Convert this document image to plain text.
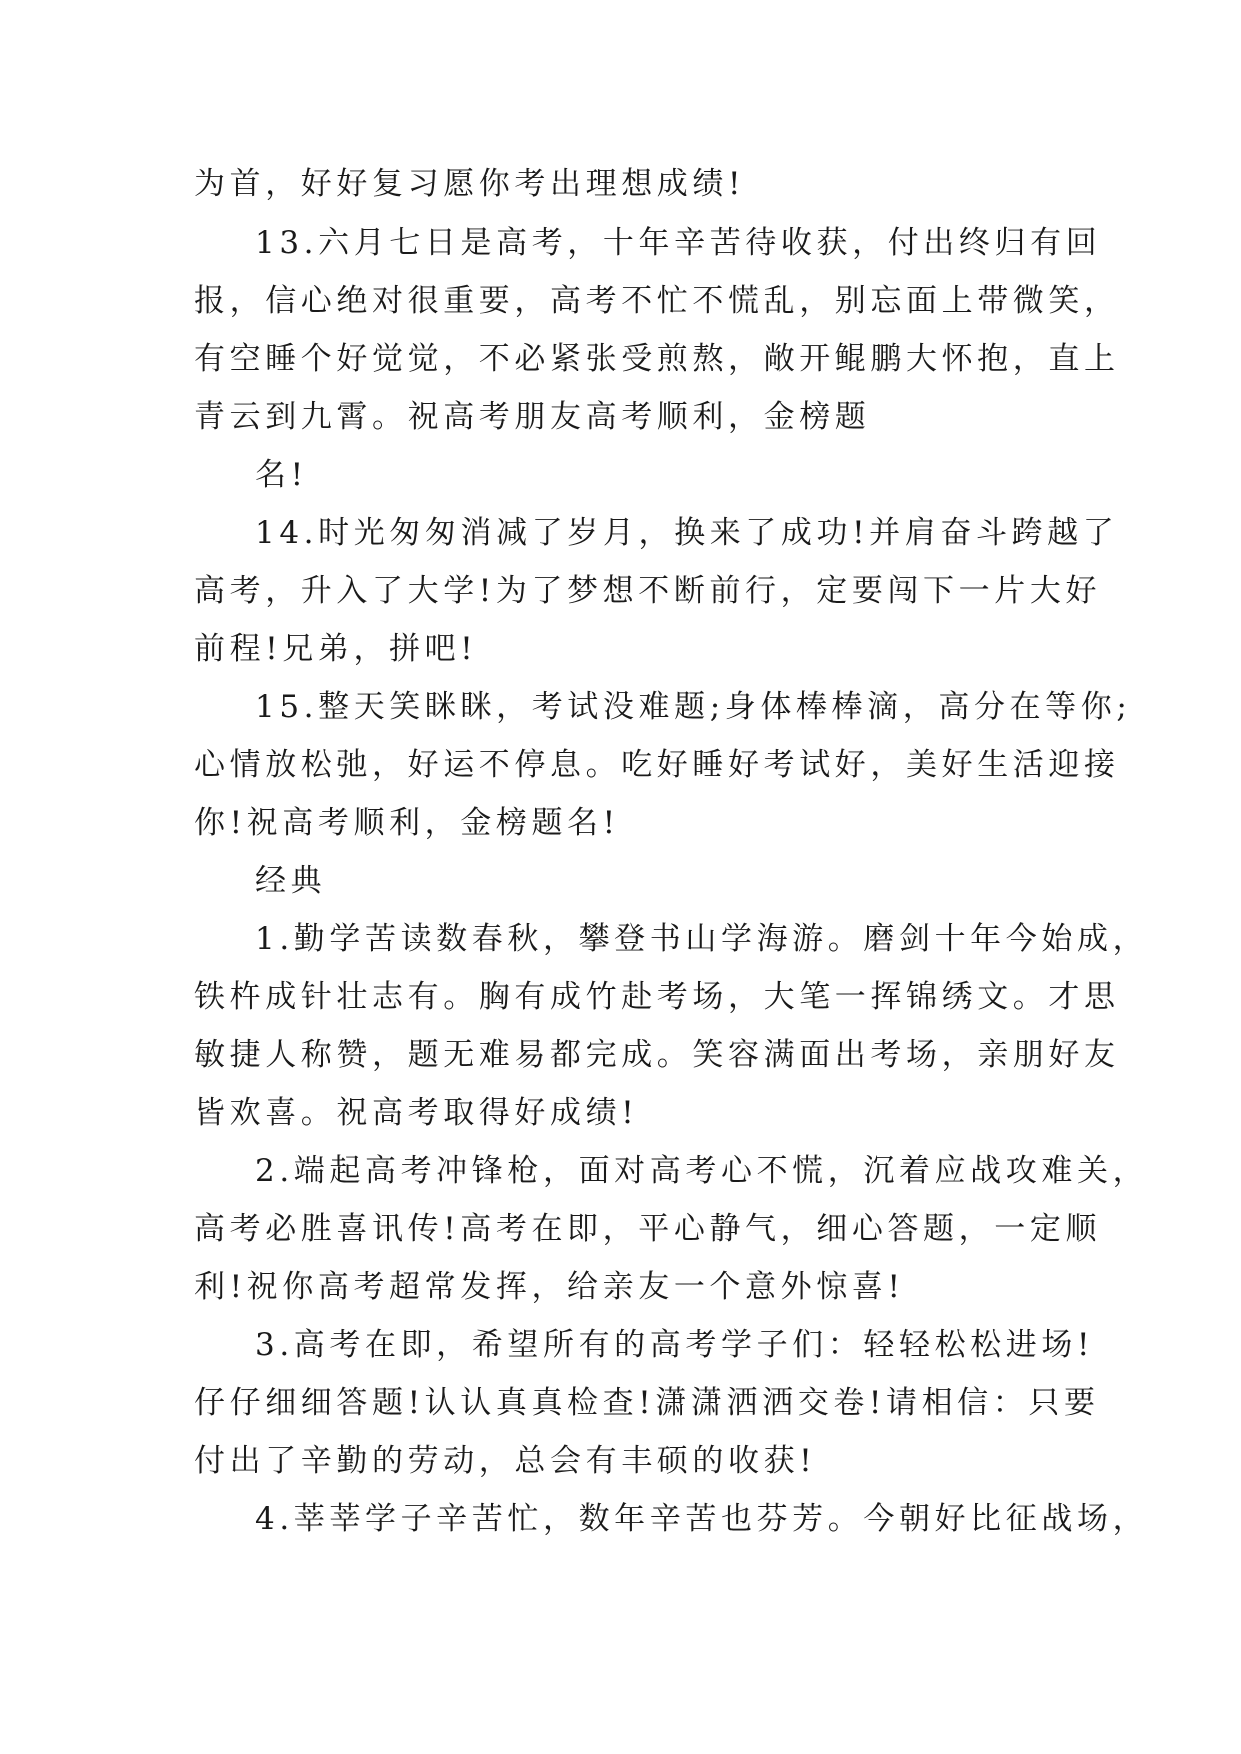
为首，好好复习愿你考出理想成绩!
13.六月七日是高考，十年辛苦待收获，付出终归有回
报，信心绝对很重要，高考不忙不慌乱，别忘面上带微笑，
有空睡个好觉觉，不必紧张受煎熬，敞开鲲鹏大怀抱，直上
青云到九霄。祝高考朋友高考顺利，金榜题
名!
14.时光匆匆消减了岁月，换来了成功!并肩奋斗跨越了
高考，升入了大学!为了梦想不断前行，定要闯下一片大好
前程!兄弟，拼吧!
15.整天笑眯眯，考试没难题;身体棒棒滴，高分在等你;
心情放松弛，好运不停息。吃好睡好考试好，美好生活迎接
你!祝高考顺利，金榜题名!
经典
1.勤学苦读数春秋，攀登书山学海游。磨剑十年今始成，
铁杵成针壮志有。胸有成竹赴考场，大笔一挥锦绣文。才思
敏捷人称赞，题无难易都完成。笑容满面出考场，亲朋好友
皆欢喜。祝高考取得好成绩!
2.端起高考冲锋枪，面对高考心不慌，沉着应战攻难关，
高考必胜喜讯传!高考在即，平心静气，细心答题，一定顺
利!祝你高考超常发挥，给亲友一个意外惊喜!
3.高考在即，希望所有的高考学子们：轻轻松松进场!
仔仔细细答题!认认真真检查!潇潇洒洒交卷!请相信：只要
付出了辛勤的劳动，总会有丰硕的收获!
4.莘莘学子辛苦忙，数年辛苦也芬芳。今朝好比征战场，
